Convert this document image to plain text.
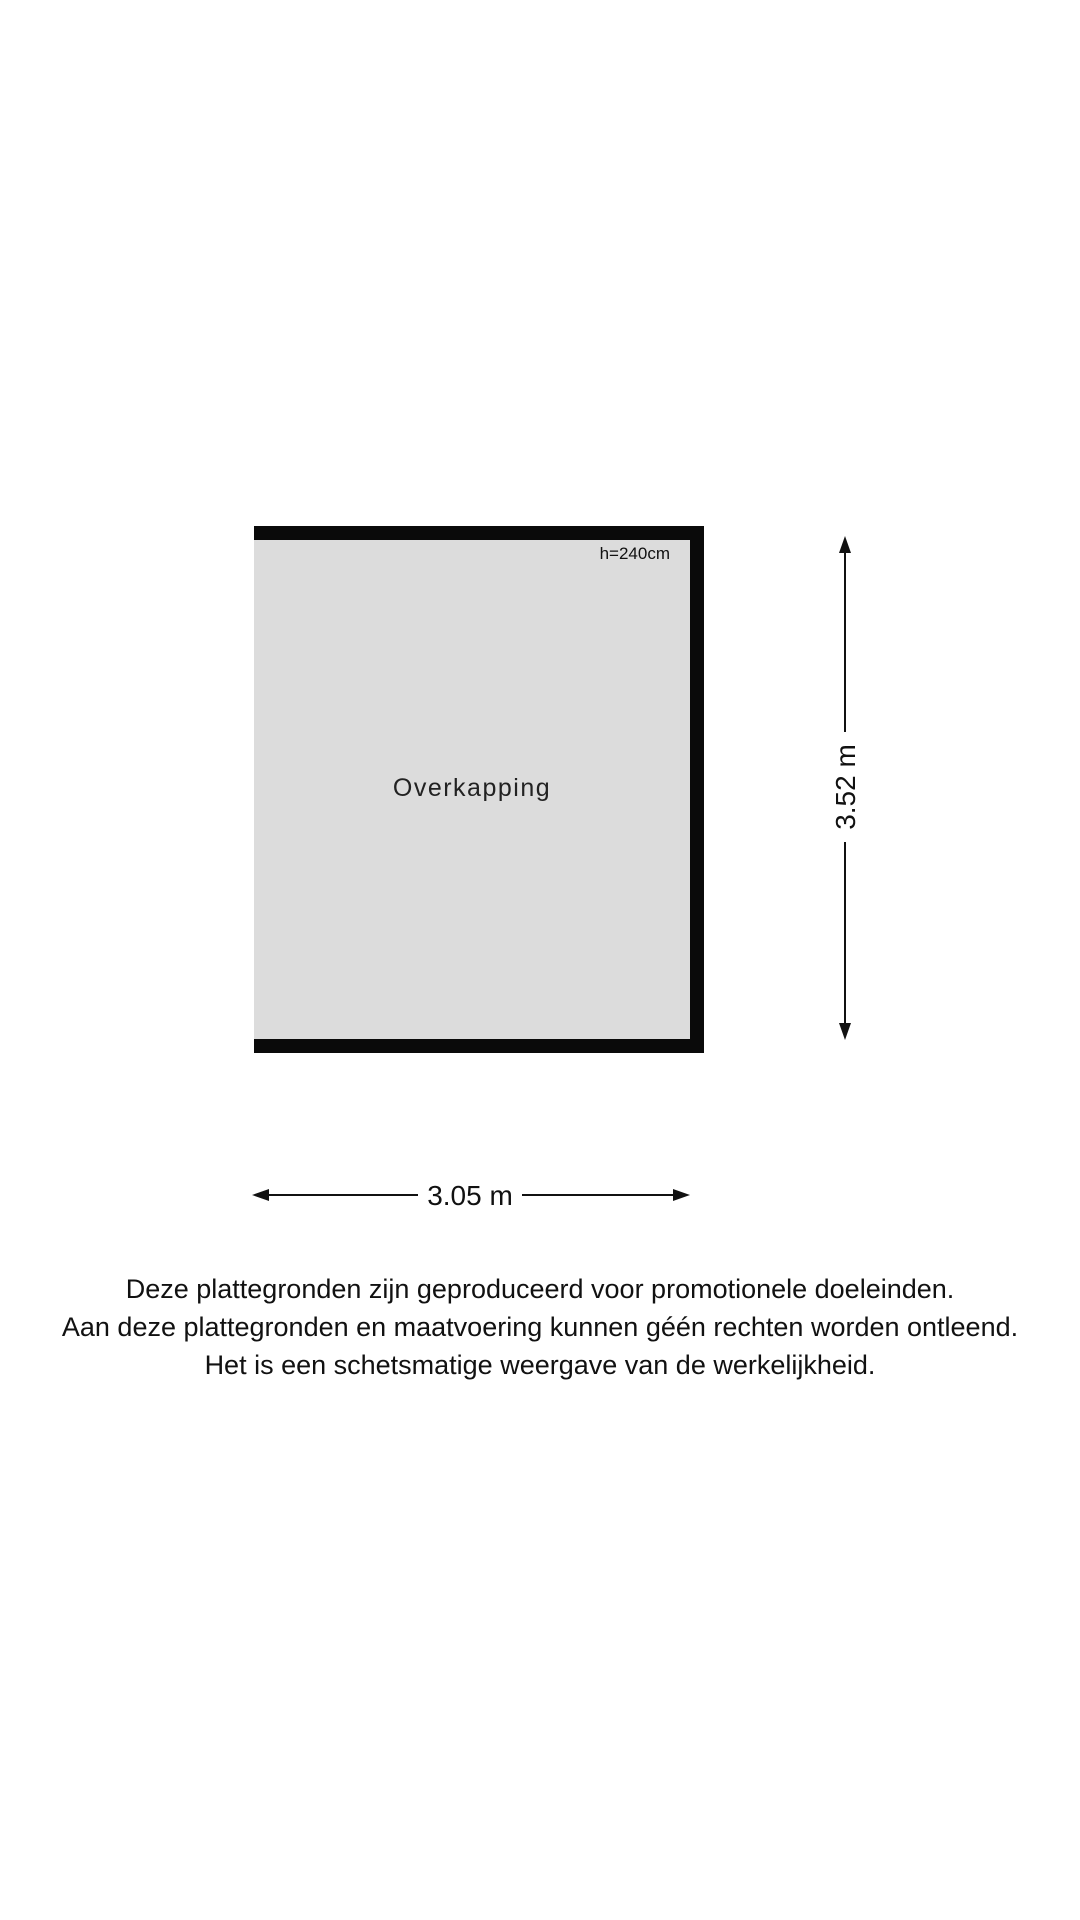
h=240cm
Overkapping	3.52 m
3.05 m
Deze plattegronden zijn geproduceerd voor promotionele doeleinden.
Aan deze plattegronden en maatvoering kunnen géén rechten worden ontleend.
Het is een schetsmatige weergave van de werkelijkheid.
